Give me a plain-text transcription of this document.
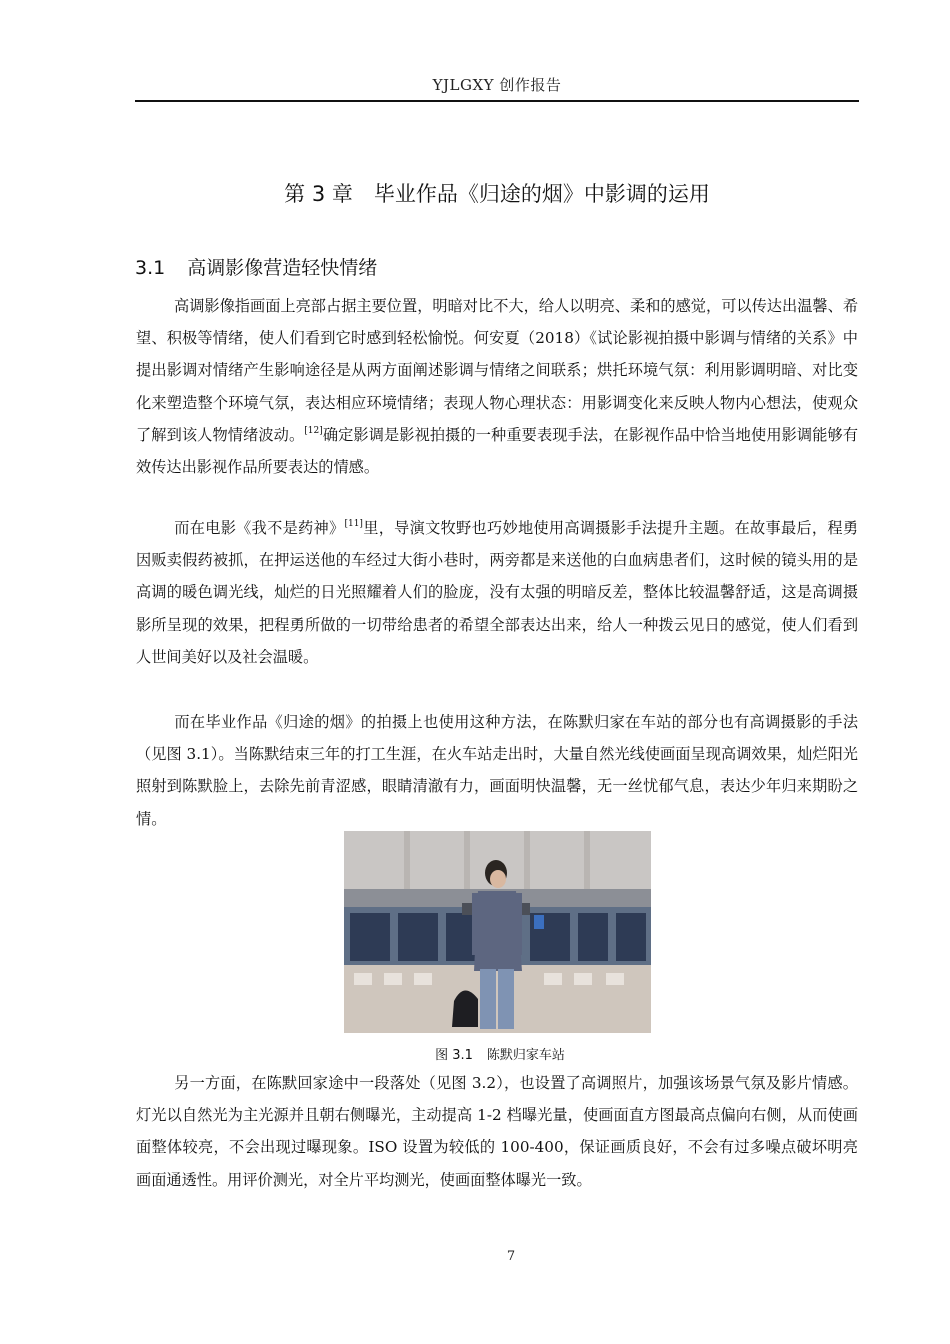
YJLGXY 创作报告
第 3 章　毕业作品《归途的烟》中影调的运用
3.1 高调影像营造轻快情绪

高调影像指画面上亮部占据主要位置，明暗对比不大，给人以明亮、柔和的感觉，可以传达出温馨、希望、积极等情绪，使人们看到它时感到轻松愉悦。何安夏（2018）《试论影视拍摄中影调与情绪的关系》中提出影调对情绪产生影响途径是从两方面阐述影调与情绪之间联系；烘托环境气氛：利用影调明暗、对比变化来塑造整个环境气氛，表达相应环境情绪；表现人物心理状态：用影调变化来反映人物内心想法，使观众了解到该人物情绪波动。[12]确定影调是影视拍摄的一种重要表现手法，在影视作品中恰当地使用影调能够有效传达出影视作品所要表达的情感。

而在电影《我不是药神》[11]里，导演文牧野也巧妙地使用高调摄影手法提升主题。在故事最后，程勇因贩卖假药被抓，在押运送他的车经过大街小巷时，两旁都是来送他的白血病患者们，这时候的镜头用的是高调的暖色调光线，灿烂的日光照耀着人们的脸庞，没有太强的明暗反差，整体比较温馨舒适，这是高调摄影所呈现的效果，把程勇所做的一切带给患者的希望全部表达出来，给人一种拨云见日的感觉，使人们看到人世间美好以及社会温暖。

而在毕业作品《归途的烟》的拍摄上也使用这种方法，在陈默归家在车站的部分也有高调摄影的手法（见图 3.1）。当陈默结束三年的打工生涯，在火车站走出时，大量自然光线使画面呈现高调效果，灿烂阳光照射到陈默脸上，去除先前青涩感，眼睛清澈有力，画面明快温馨，无一丝忧郁气息，表达少年归来期盼之情。

图 3.1 陈默归家车站

另一方面，在陈默回家途中一段落处（见图 3.2），也设置了高调照片，加强该场景气氛及影片情感。灯光以自然光为主光源并且朝右侧曝光，主动提高 1-2 档曝光量，使画面直方图最高点偏向右侧，从而使画面整体较亮，不会出现过曝现象。ISO 设置为较低的 100-400，保证画质良好，不会有过多噪点破坏明亮画面通透性。用评价测光，对全片平均测光，使画面整体曝光一致。

7
